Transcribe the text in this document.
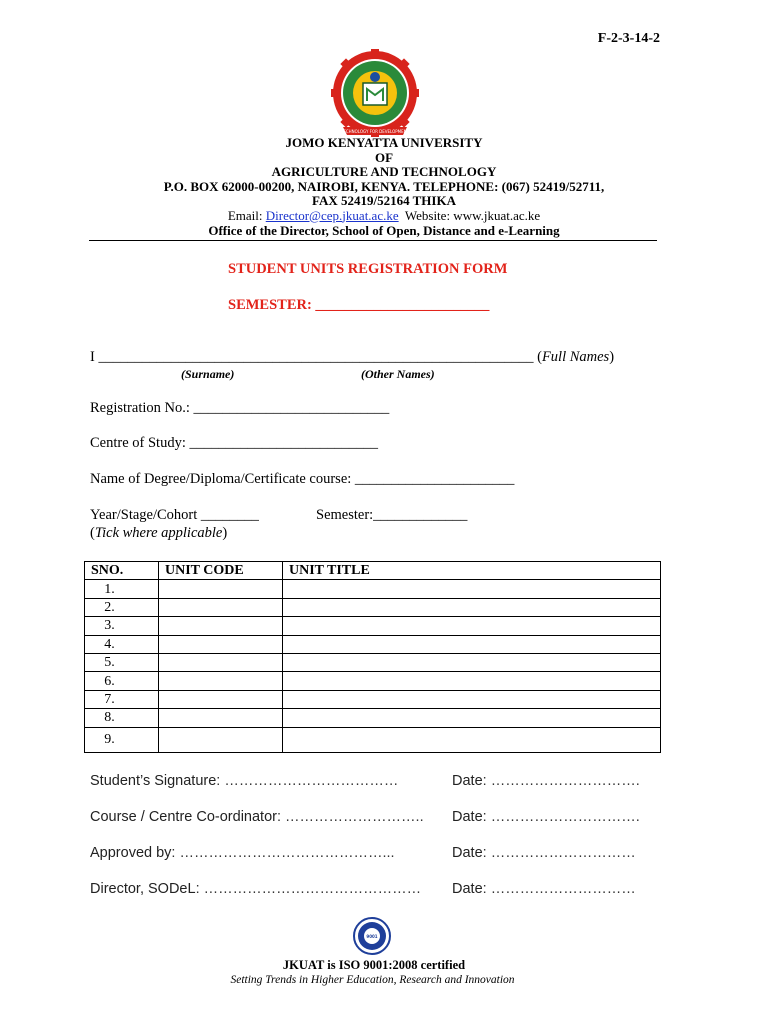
F-2-3-14-2
TECHNOLOGY FOR DEVELOPMENT
JOMO KENYATTA UNIVERSITY
OF
AGRICULTURE AND TECHNOLOGY
P.O. BOX 62000-00200, NAIROBI, KENYA. TELEPHONE: (067) 52419/52711,
FAX 52419/52164 THIKA
Email: Director@cep.jkuat.ac.ke  Website: www.jkuat.ac.ke
Office of the Director, School of Open, Distance and e-Learning
STUDENT UNITS REGISTRATION FORM
SEMESTER: ________________________
I ____________________________________________________________ (Full Names)
(Surname)	(Other Names)
Registration No.: ___________________________
Centre of Study: __________________________
Name of Degree/Diploma/Certificate course: ______________________
Year/Stage/Cohort ________	Semester:_____________
(Tick where applicable)
SNO.	UNIT CODE	UNIT TITLE
1.		
2.		
3.		
4.		
5.		
6.		
7.		
8.		
9.		
Student’s Signature: ………………………………	Date: ………………………….
Course / Centre Co-ordinator: ……………………….. Date: ………………………….
Approved by: ……………………………………...	Date: …………………………
Director, SODeL: ……………………………………… Date: …………………………
9001
JKUAT is ISO 9001:2008 certified
Setting Trends in Higher Education, Research and Innovation
